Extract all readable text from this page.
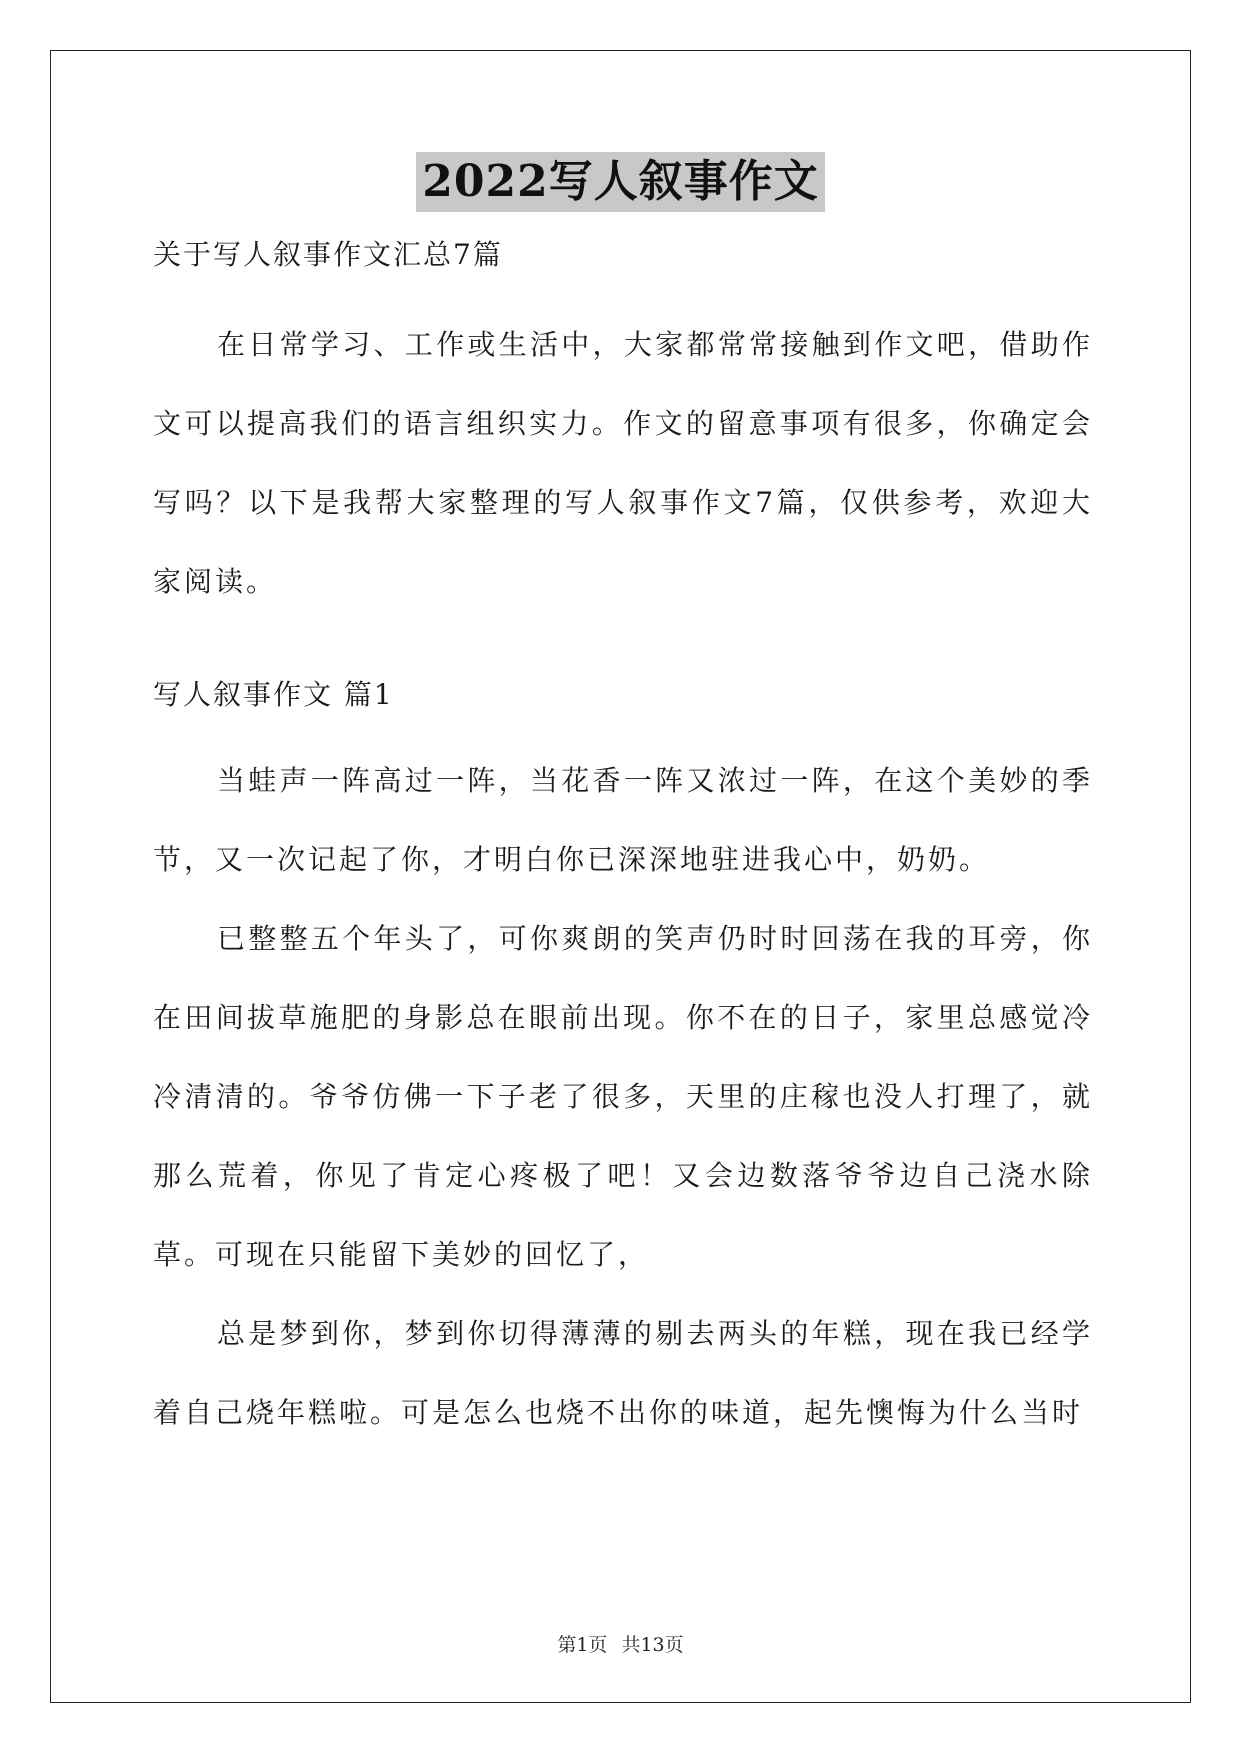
2022写人叙事作文

关于写人叙事作文汇总7篇

在日常学习、工作或生活中，大家都常常接触到作文吧，借助作文可以提高我们的语言组织实力。作文的留意事项有很多，你确定会写吗？以下是我帮大家整理的写人叙事作文7篇，仅供参考，欢迎大家阅读。

写人叙事作文 篇1

当蛙声一阵高过一阵，当花香一阵又浓过一阵，在这个美妙的季节，又一次记起了你，才明白你已深深地驻进我心中，奶奶。

已整整五个年头了，可你爽朗的笑声仍时时回荡在我的耳旁，你在田间拔草施肥的身影总在眼前出现。你不在的日子，家里总感觉冷冷清清的。爷爷仿佛一下子老了很多，天里的庄稼也没人打理了，就那么荒着，你见了肯定心疼极了吧！又会边数落爷爷边自己浇水除草。可现在只能留下美妙的回忆了，

总是梦到你，梦到你切得薄薄的剔去两头的年糕，现在我已经学着自己烧年糕啦。可是怎么也烧不出你的味道，起先懊悔为什么当时

第1页 共13页
